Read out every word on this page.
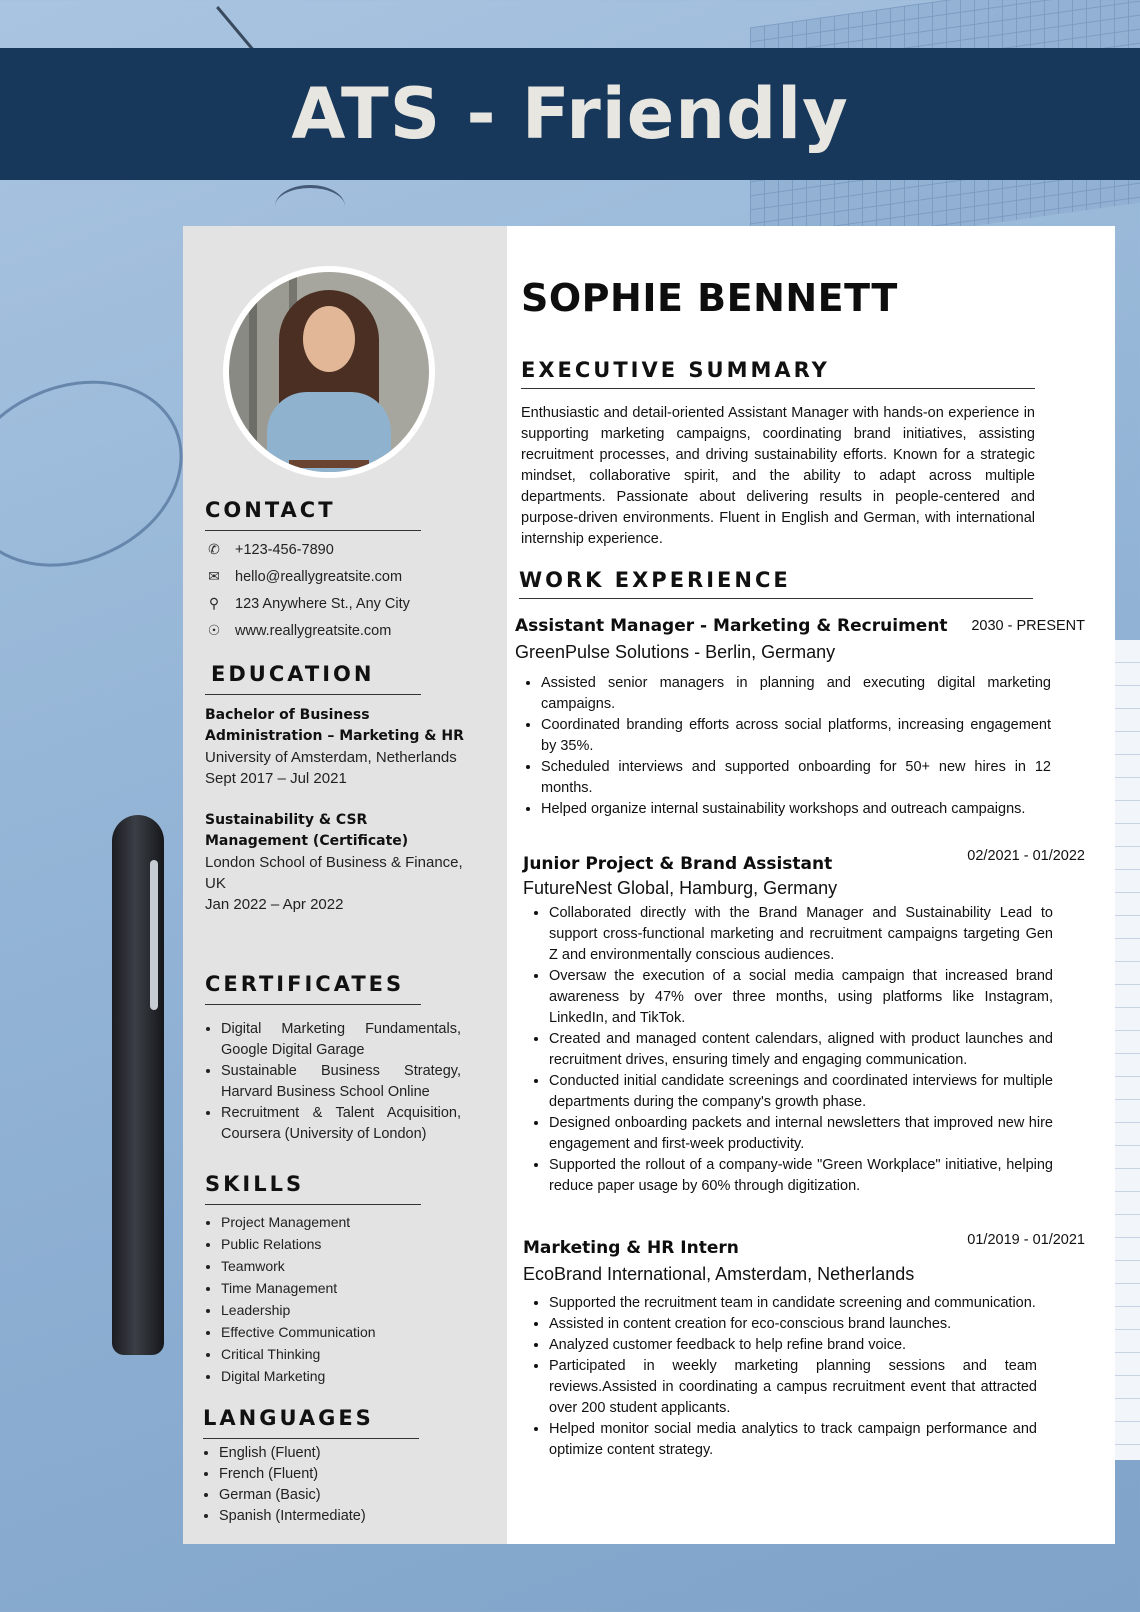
ATS - Friendly
CONTACT
✆ +123-456-7890
✉ hello@reallygreatsite.com
⚲ 123 Anywhere St., Any City
☉ www.reallygreatsite.com
EDUCATION
Bachelor of Business
Administration – Marketing & HR
University of Amsterdam, Netherlands
Sept 2017 – Jul 2021
Sustainability & CSR
Management (Certificate)
London School of Business & Finance, UK
Jan 2022 – Apr 2022
CERTIFICATES
• Digital Marketing Fundamentals, Google Digital Garage
• Sustainable Business Strategy, Harvard Business School Online
• Recruitment & Talent Acquisition, Coursera (University of London)
SKILLS
• Project Management
• Public Relations
• Teamwork
• Time Management
• Leadership
• Effective Communication
• Critical Thinking
• Digital Marketing
LANGUAGES
• English (Fluent)
• French (Fluent)
• German (Basic)
• Spanish (Intermediate)
SOPHIE BENNETT
EXECUTIVE SUMMARY
Enthusiastic and detail-oriented Assistant Manager with hands-on experience in supporting marketing campaigns, coordinating brand initiatives, assisting recruitment processes, and driving sustainability efforts. Known for a strategic mindset, collaborative spirit, and the ability to adapt across multiple departments. Passionate about delivering results in people-centered and purpose-driven environments. Fluent in English and German, with international internship experience.
WORK EXPERIENCE
Assistant Manager - Marketing & Recruiment 2030 - PRESENT
GreenPulse Solutions - Berlin, Germany
• Assisted senior managers in planning and executing digital marketing campaigns.
• Coordinated branding efforts across social platforms, increasing engagement by 35%.
• Scheduled interviews and supported onboarding for 50+ new hires in 12 months.
• Helped organize internal sustainability workshops and outreach campaigns.
Junior Project & Brand Assistant	02/2021 - 01/2022
FutureNest Global, Hamburg, Germany
• Collaborated directly with the Brand Manager and Sustainability Lead to support cross-functional marketing and recruitment campaigns targeting Gen Z and environmentally conscious audiences.
• Oversaw the execution of a social media campaign that increased brand awareness by 47% over three months, using platforms like Instagram, LinkedIn, and TikTok.
• Created and managed content calendars, aligned with product launches and recruitment drives, ensuring timely and engaging communication.
• Conducted initial candidate screenings and coordinated interviews for multiple departments during the company's growth phase.
• Designed onboarding packets and internal newsletters that improved new hire engagement and first-week productivity.
• Supported the rollout of a company-wide "Green Workplace" initiative, helping reduce paper usage by 60% through digitization.
Marketing & HR Intern	01/2019 - 01/2021
EcoBrand International, Amsterdam, Netherlands
• Supported the recruitment team in candidate screening and communication.
• Assisted in content creation for eco-conscious brand launches.
• Analyzed customer feedback to help refine brand voice.
• Participated in weekly marketing planning sessions and team reviews.Assisted in coordinating a campus recruitment event that attracted over 200 student applicants.
• Helped monitor social media analytics to track campaign performance and optimize content strategy.
